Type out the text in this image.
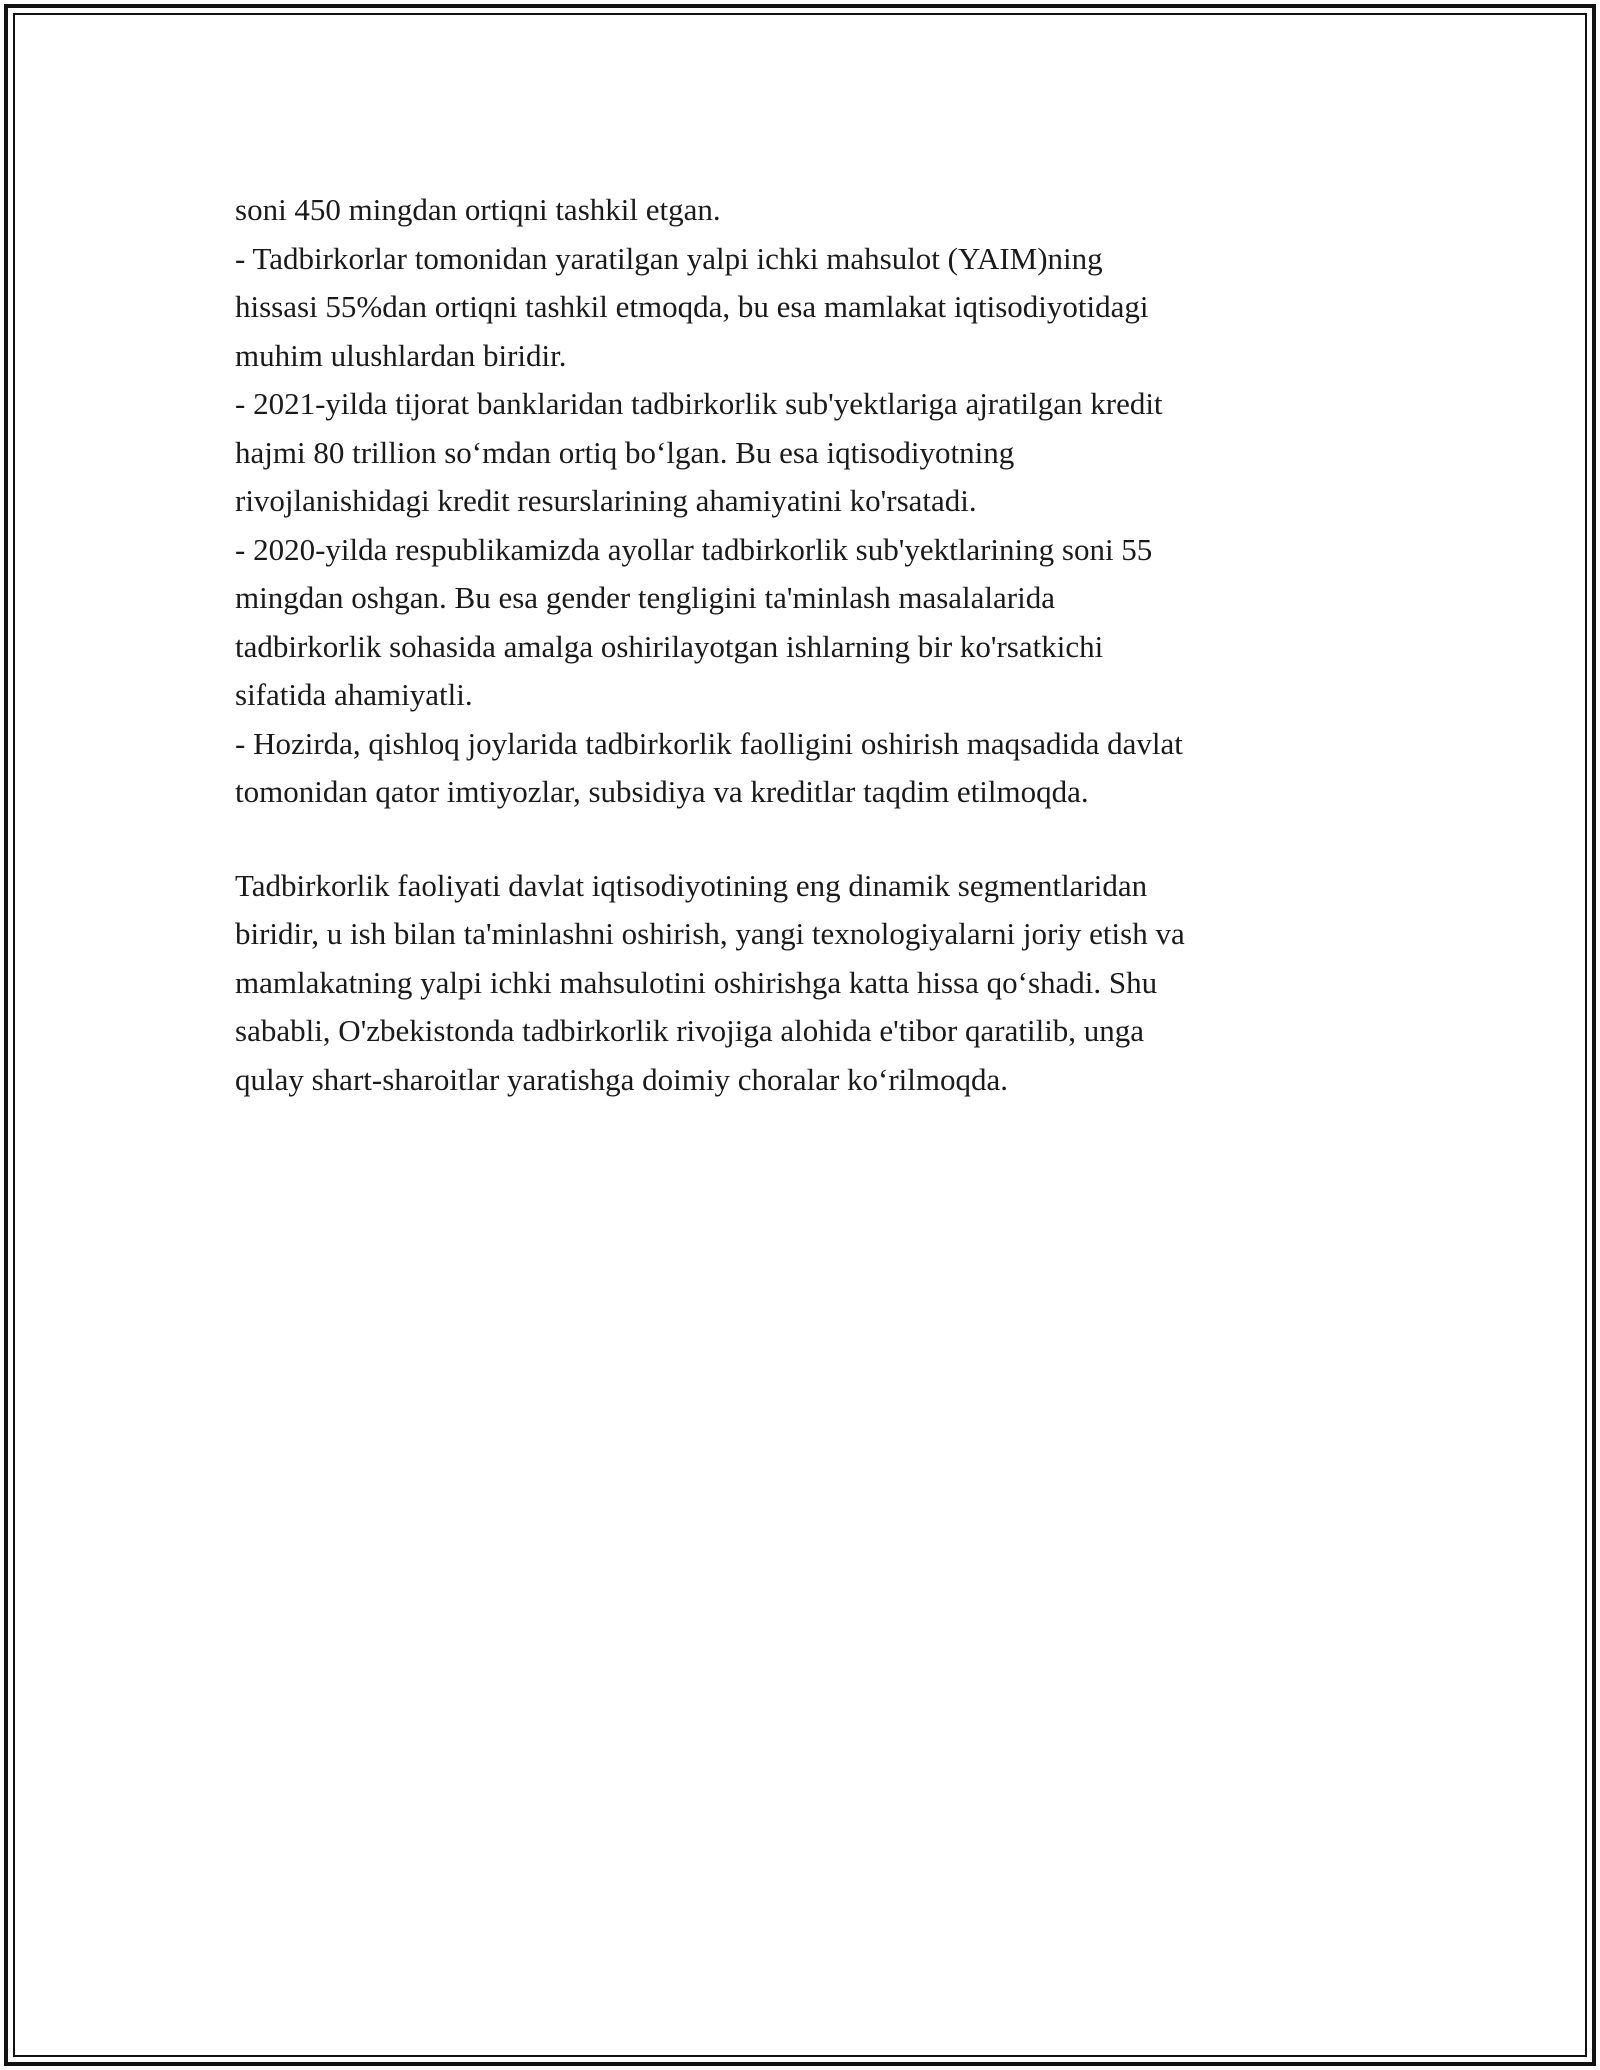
soni 450 mingdan ortiqni tashkil etgan.
- Tadbirkorlar tomonidan yaratilgan yalpi ichki mahsulot (YAIM)ning
hissasi 55%dan ortiqni tashkil etmoqda, bu esa mamlakat iqtisodiyotidagi
muhim ulushlardan biridir.
- 2021-yilda tijorat banklaridan tadbirkorlik sub'yektlariga ajratilgan kredit
hajmi 80 trillion so‘mdan ortiq bo‘lgan. Bu esa iqtisodiyotning
rivojlanishidagi kredit resurslarining ahamiyatini ko'rsatadi.
- 2020-yilda respublikamizda ayollar tadbirkorlik sub'yektlarining soni 55
mingdan oshgan. Bu esa gender tengligini ta'minlash masalalarida
tadbirkorlik sohasida amalga oshirilayotgan ishlarning bir ko'rsatkichi
sifatida ahamiyatli.
- Hozirda, qishloq joylarida tadbirkorlik faolligini oshirish maqsadida davlat
tomonidan qator imtiyozlar, subsidiya va kreditlar taqdim etilmoqda.
Tadbirkorlik faoliyati davlat iqtisodiyotining eng dinamik segmentlaridan
biridir, u ish bilan ta'minlashni oshirish, yangi texnologiyalarni joriy etish va
mamlakatning yalpi ichki mahsulotini oshirishga katta hissa qo‘shadi. Shu
sababli, O'zbekistonda tadbirkorlik rivojiga alohida e'tibor qaratilib, unga
qulay shart-sharoitlar yaratishga doimiy choralar ko‘rilmoqda.
